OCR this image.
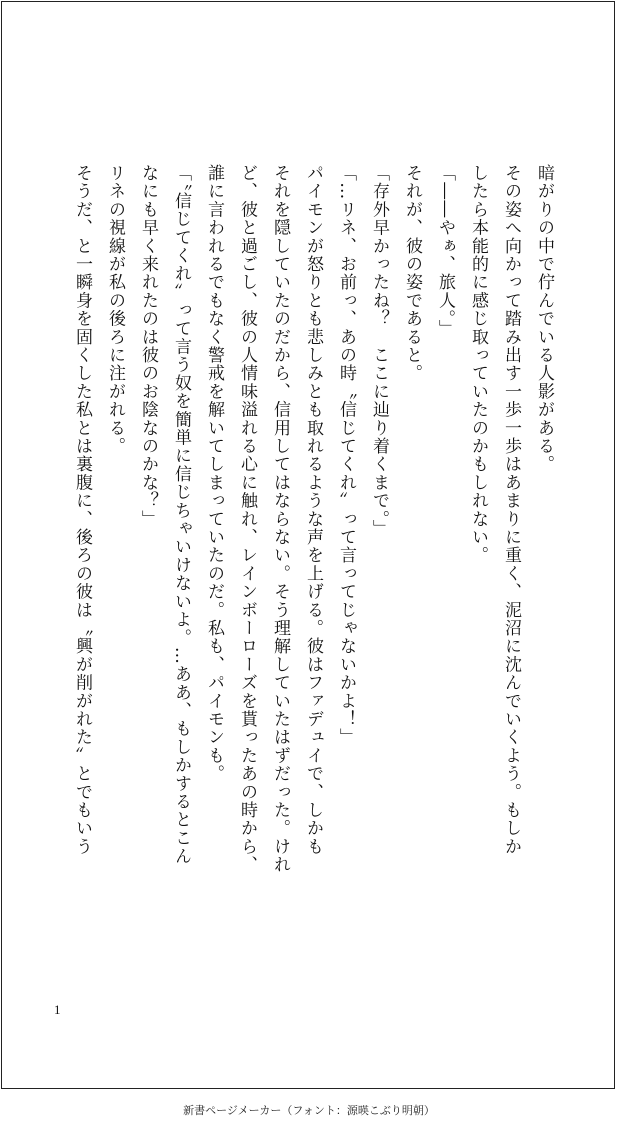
暗がりの中で佇んでいる人影がある。

その姿へ向かって踏み出す一歩一歩はあまりに重く、泥沼に沈んでいくよう。もしか

したら本能的に感じ取っていたのかもしれない。

「――やぁ、旅人。」

それが、彼の姿であると。

「存外早かったね？　ここに辿り着くまで。」

「…リネ、お前っ、あの時〝信じてくれ〟って言ってじゃないかよ！」

パイモンが怒りとも悲しみとも取れるような声を上げる。彼はファデュイで、しかも

それを隠していたのだから、信用してはならない。そう理解していたはずだった。けれ

ど、彼と過ごし、彼の人情味溢れる心に触れ、レインボーローズを貰ったあの時から、

誰に言われるでもなく警戒を解いてしまっていたのだ。私も、パイモンも。

「〝信じてくれ〟って言う奴を簡単に信じちゃいけないよ。…ああ、もしかするとこん

なにも早く来れたのは彼のお陰なのかな？」

リネの視線が私の後ろに注がれる。

そうだ、と一瞬身を固くした私とは裏腹に、後ろの彼は〝興が削がれた〟とでもいう

1
新書ページメーカー（フォント：源暎こぶり明朝）
